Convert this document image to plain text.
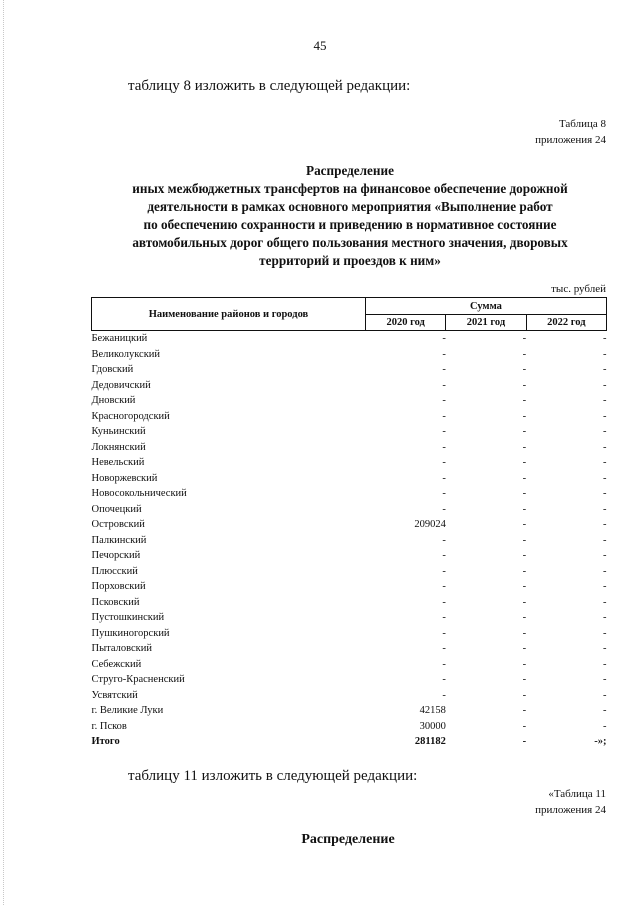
45
таблицу 8 изложить в следующей редакции:
Таблица 8
приложения 24
Распределение
иных межбюджетных трансфертов на финансовое обеспечение дорожной
деятельности в рамках основного мероприятия «Выполнение работ
по обеспечению сохранности и приведению в нормативное состояние
автомобильных дорог общего пользования местного значения, дворовых
территорий и проездов к ним»
тыс. рублей
Наименование районов и городов	Сумма		
	2020 год	2021 год	2022 год
Бежаницкий	-	-	-
Великолукский	-	-	-
Гдовский	-	-	-
Дедовичский	-	-	-
Дновский	-	-	-
Красногородский	-	-	-
Куньинский	-	-	-
Локнянский	-	-	-
Невельский	-	-	-
Новоржевский	-	-	-
Новосокольнический	-	-	-
Опочецкий	-	-	-
Островский	209024	-	-
Палкинский	-	-	-
Печорский	-	-	-
Плюсский	-	-	-
Порховский	-	-	-
Псковский	-	-	-
Пустошкинский	-	-	-
Пушкиногорский	-	-	-
Пыталовский	-	-	-
Себежский	-	-	-
Струго-Красненский	-	-	-
Усвятский	-	-	-
г. Великие Луки	42158	-	-
г. Псков	30000	-	-
Итого	281182	-	-»;
таблицу 11 изложить в следующей редакции:
«Таблица 11
приложения 24
Распределение
